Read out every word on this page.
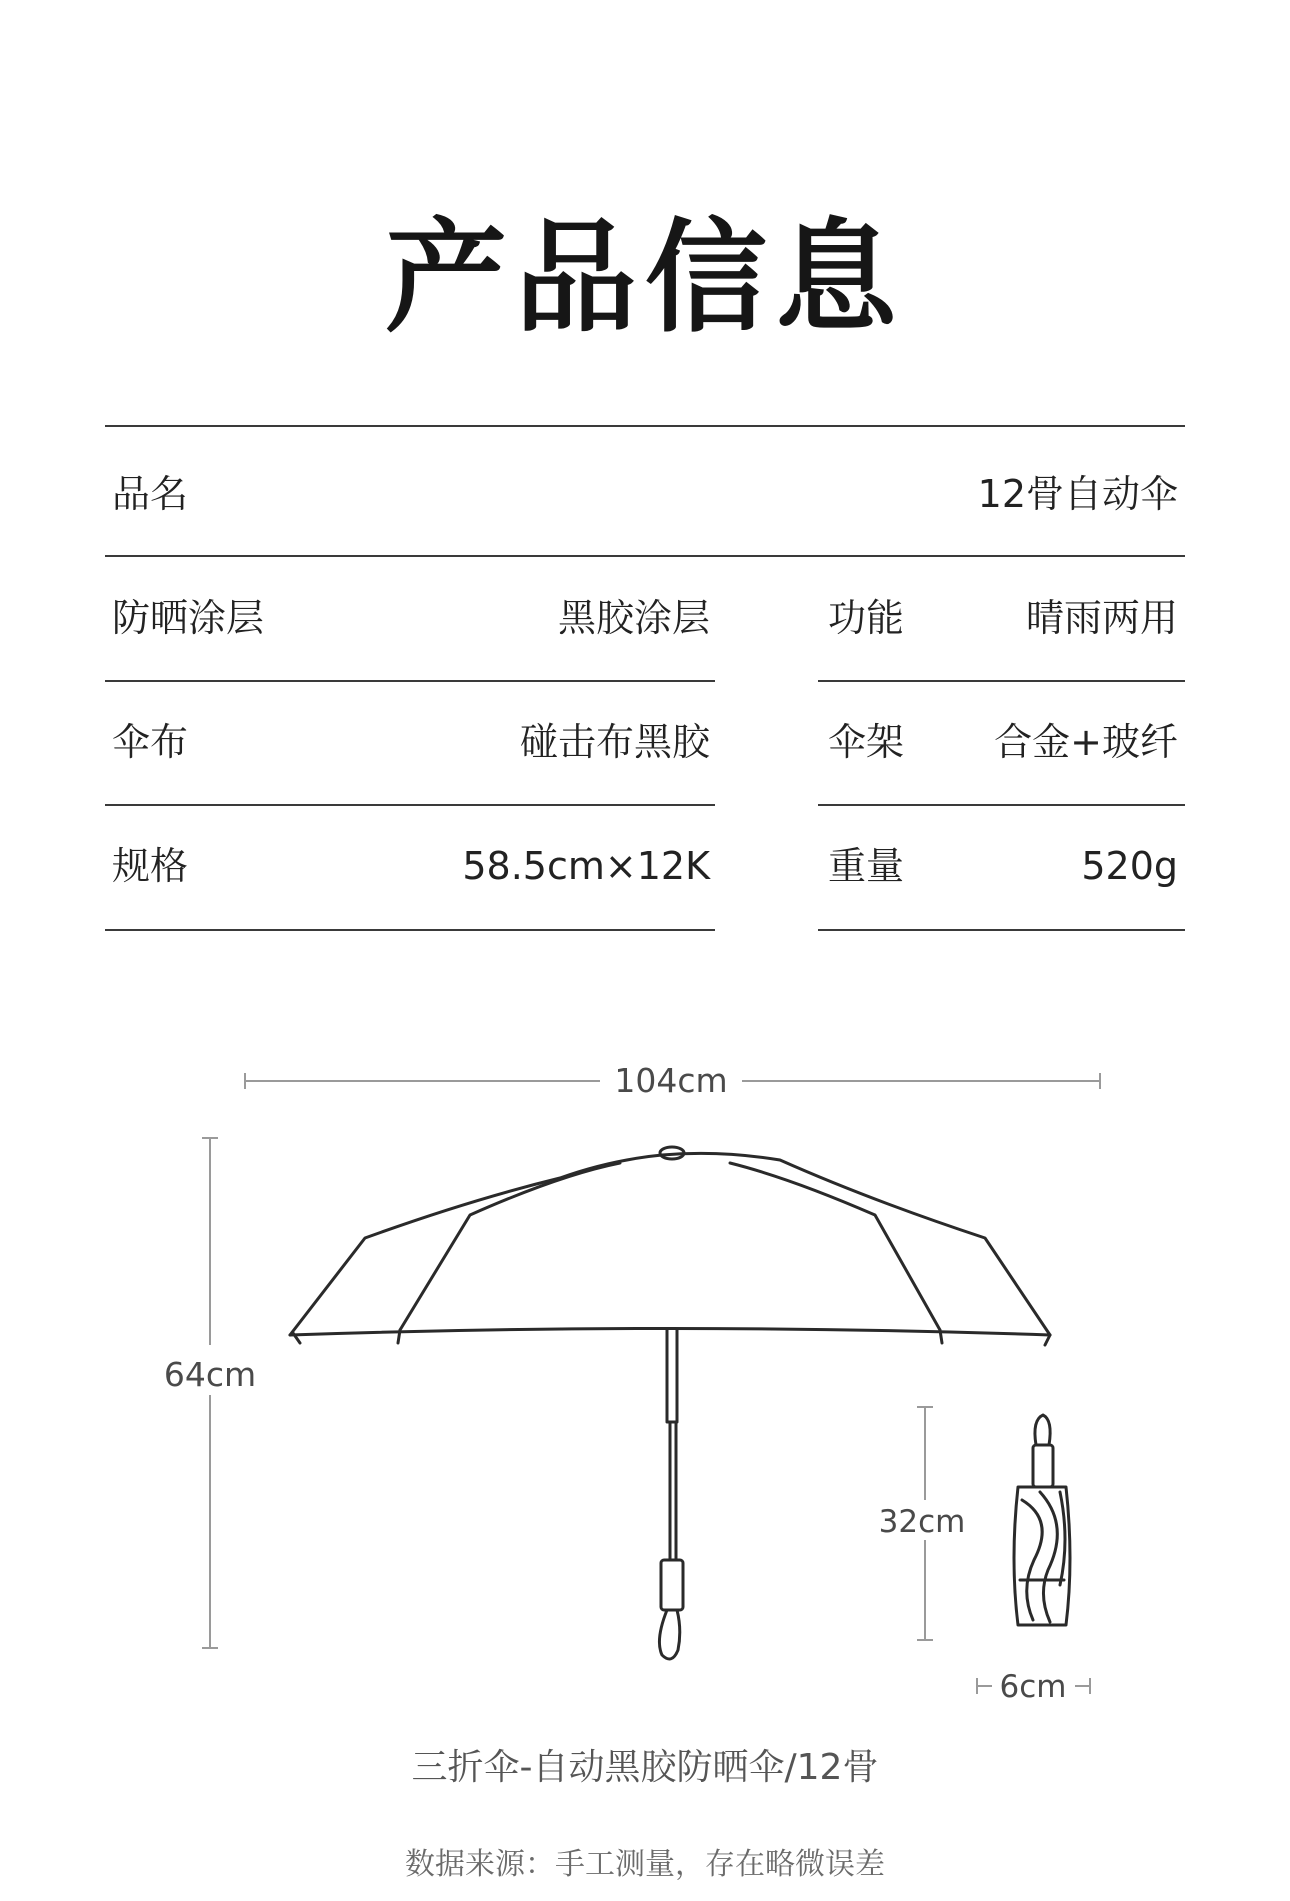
产品信息
品名	12骨自动伞
防晒涂层	黑胶涂层	功能	晴雨两用
伞布	碰击布黑胶	伞架 合金+玻纤
规格	58.5cm×12K	重量	520g
104cm
64cm
32cm
6cm
三折伞-自动黑胶防晒伞/12骨
数据来源：手工测量，存在略微误差
